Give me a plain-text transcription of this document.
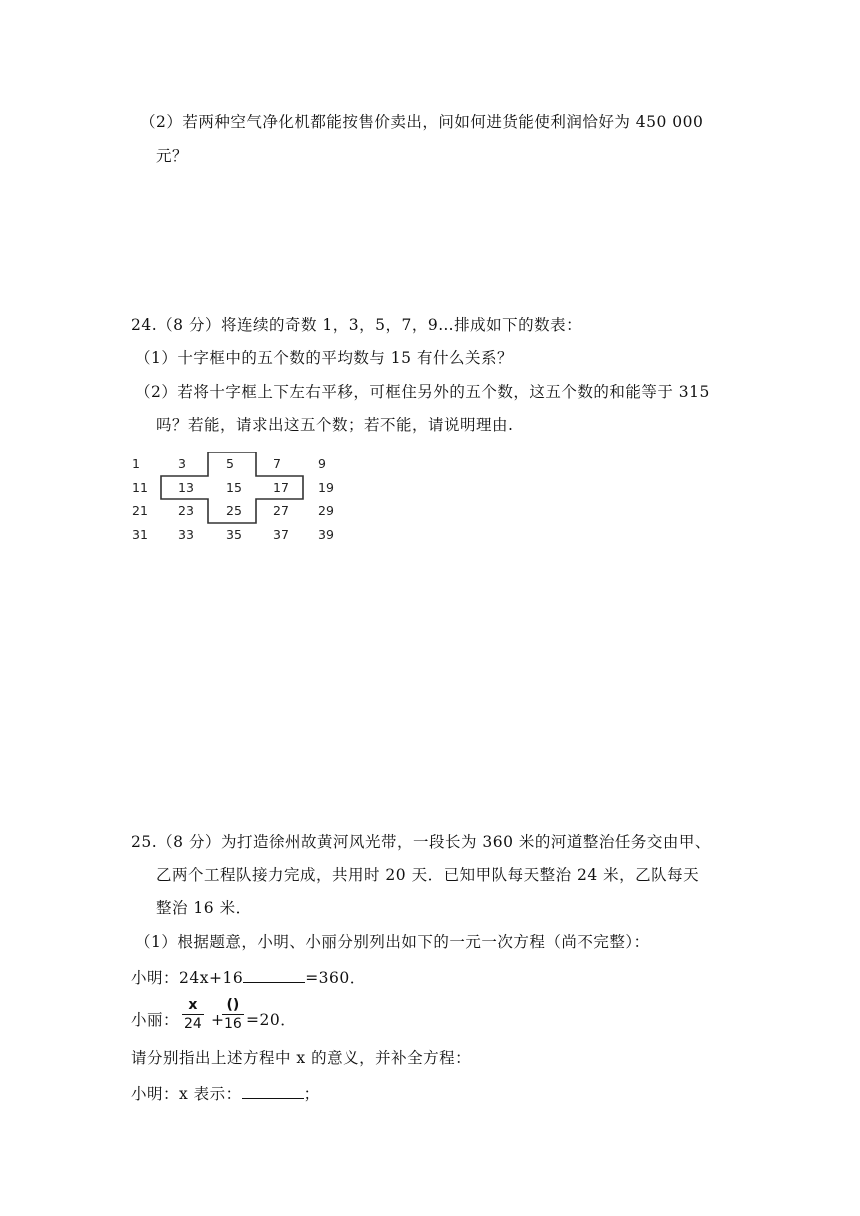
（2）若两种空气净化机都能按售价卖出，问如何进货能使利润恰好为 450 000
元？
24.（8 分）将连续的奇数 1，3，5，7，9…排成如下的数表：
（1）十字框中的五个数的平均数与 15 有什么关系？
（2）若将十字框上下左右平移，可框住另外的五个数，这五个数的和能等于 315
吗？若能，请求出这五个数；若不能，请说明理由.
1	3	5	7	9
11 13	15 17 19
21 23	25 27 29
31 33	35 37 39
25.（8 分）为打造徐州故黄河风光带，一段长为 360 米的河道整治任务交由甲、
乙两个工程队接力完成，共用时 20 天．已知甲队每天整治 24 米，乙队每天
整治 16 米．
（1）根据题意，小明、小丽分别列出如下的一元一次方程（尚不完整）：
小明：24x+16	=360．
小丽：
x
24 +
()
16 =20．
请分别指出上述方程中 x 的意义，并补全方程：
小明：x 表示：	；
